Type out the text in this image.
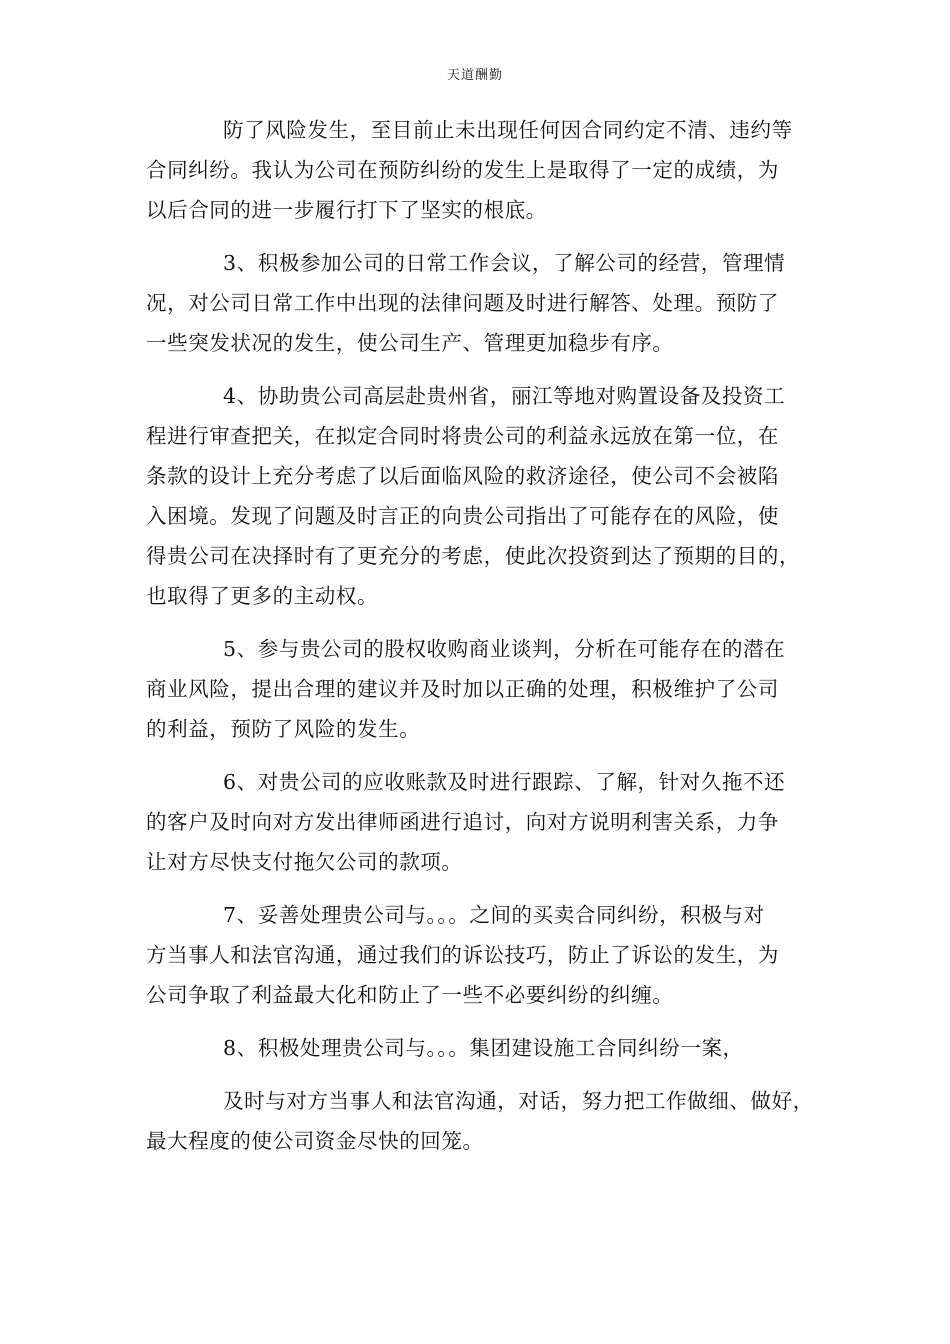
天道酬勤
防了风险发生，至目前止未出现任何因合同约定不清、违约等
合同纠纷。我认为公司在预防纠纷的发生上是取得了一定的成绩，为
以后合同的进一步履行打下了坚实的根底。
3、积极参加公司的日常工作会议，了解公司的经营，管理情
况，对公司日常工作中出现的法律问题及时进行解答、处理。预防了
一些突发状况的发生，使公司生产、管理更加稳步有序。
4、协助贵公司高层赴贵州省，丽江等地对购置设备及投资工
程进行审查把关，在拟定合同时将贵公司的利益永远放在第一位，在
条款的设计上充分考虑了以后面临风险的救济途径，使公司不会被陷
入困境。发现了问题及时言正的向贵公司指出了可能存在的风险，使
得贵公司在决择时有了更充分的考虑，使此次投资到达了预期的目的，
也取得了更多的主动权。
5、参与贵公司的股权收购商业谈判，分析在可能存在的潜在
商业风险，提出合理的建议并及时加以正确的处理，积极维护了公司
的利益，预防了风险的发生。
6、对贵公司的应收账款及时进行跟踪、了解，针对久拖不还
的客户及时向对方发出律师函进行追讨，向对方说明利害关系，力争
让对方尽快支付拖欠公司的款项。
7、妥善处理贵公司与。。。之间的买卖合同纠纷，积极与对
方当事人和法官沟通，通过我们的诉讼技巧，防止了诉讼的发生，为
公司争取了利益最大化和防止了一些不必要纠纷的纠缠。
8、积极处理贵公司与。。。集团建设施工合同纠纷一案，
及时与对方当事人和法官沟通，对话，努力把工作做细、做好，
最大程度的使公司资金尽快的回笼。
